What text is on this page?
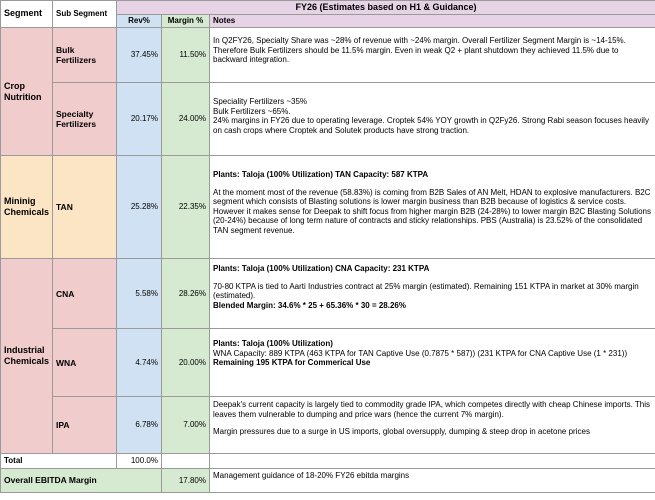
Segment	Sub Segment	FY26 (Estimates based on H1 & Guidance)		
		Rev%	Margin %	Notes
Crop Nutrition	Bulk Fertilizers	37.45%	11.50%	In Q2FY26, Specialty Share was ~28% of revenue with ~24% margin. Overall Fertilizer Segment Margin is ~14-15%. Therefore Bulk Fertilizers should be 11.5% margin. Even in weak Q2 + plant shutdown they achieved 11.5% due to backward integration.

	Specialty Fertilizers	20.17%	24.00%	Speciality Fertilizers ~35%

Bulk Fertilizers ~65%.

24% margins in FY26 due to operating leverage. Croptek 54% YOY growth in Q2Fy26. Strong Rabi season focuses heavily on cash crops where Croptek and Solutek products have strong traction.

Mininig Chemicals	TAN	25.28%	22.35%	Plants: Taloja (100% Utilization) TAN Capacity: 587 KTPA

At the moment most of the revenue (58.83%) is coming from B2B Sales of AN Melt, HDAN to explosive manufacturers. B2C segment which consists of Blasting solutions is lower margin business than B2B because of logistics & service costs. However it makes sense for Deepak to shift focus from higher margin B2B (24-28%) to lower margin B2C Blasting Solutions (20-24%) because of long term nature of contracts and sticky relationships. PBS (Australia) is 23.52% of the consolidated TAN segment revenue.

Industrial Chemicals	CNA	5.58%	28.26%	Plants: Taloja (100% Utilization) CNA Capacity: 231 KTPA

70-80 KTPA is tied to Aarti Industries contract at 25% margin (estimated). Remaining 151 KTPA in market at 30% margin (estimated).

Blended Margin: 34.6% * 25 + 65.36% * 30 = 28.26%

	WNA	4.74%	20.00%	Plants: Taloja (100% Utilization)

WNA Capacity: 889 KTPA (463 KTPA for TAN Captive Use (0.7875 * 587)) (231 KTPA for CNA Captive Use (1 * 231))

Remaining 195 KTPA for Commerical Use

	IPA	6.78%	7.00%	Deepak's current capacity is largely tied to commodity grade IPA, which competes directly with cheap Chinese imports. This leaves them vulnerable to dumping and price wars (hence the current 7% margin).

Margin pressures due to a surge in US imports, global oversupply, dumping & steep drop in acetone prices

Total		100.0%		
Overall EBITDA Margin			17.80%	Management guidance of 18-20% FY26 ebitda margins
